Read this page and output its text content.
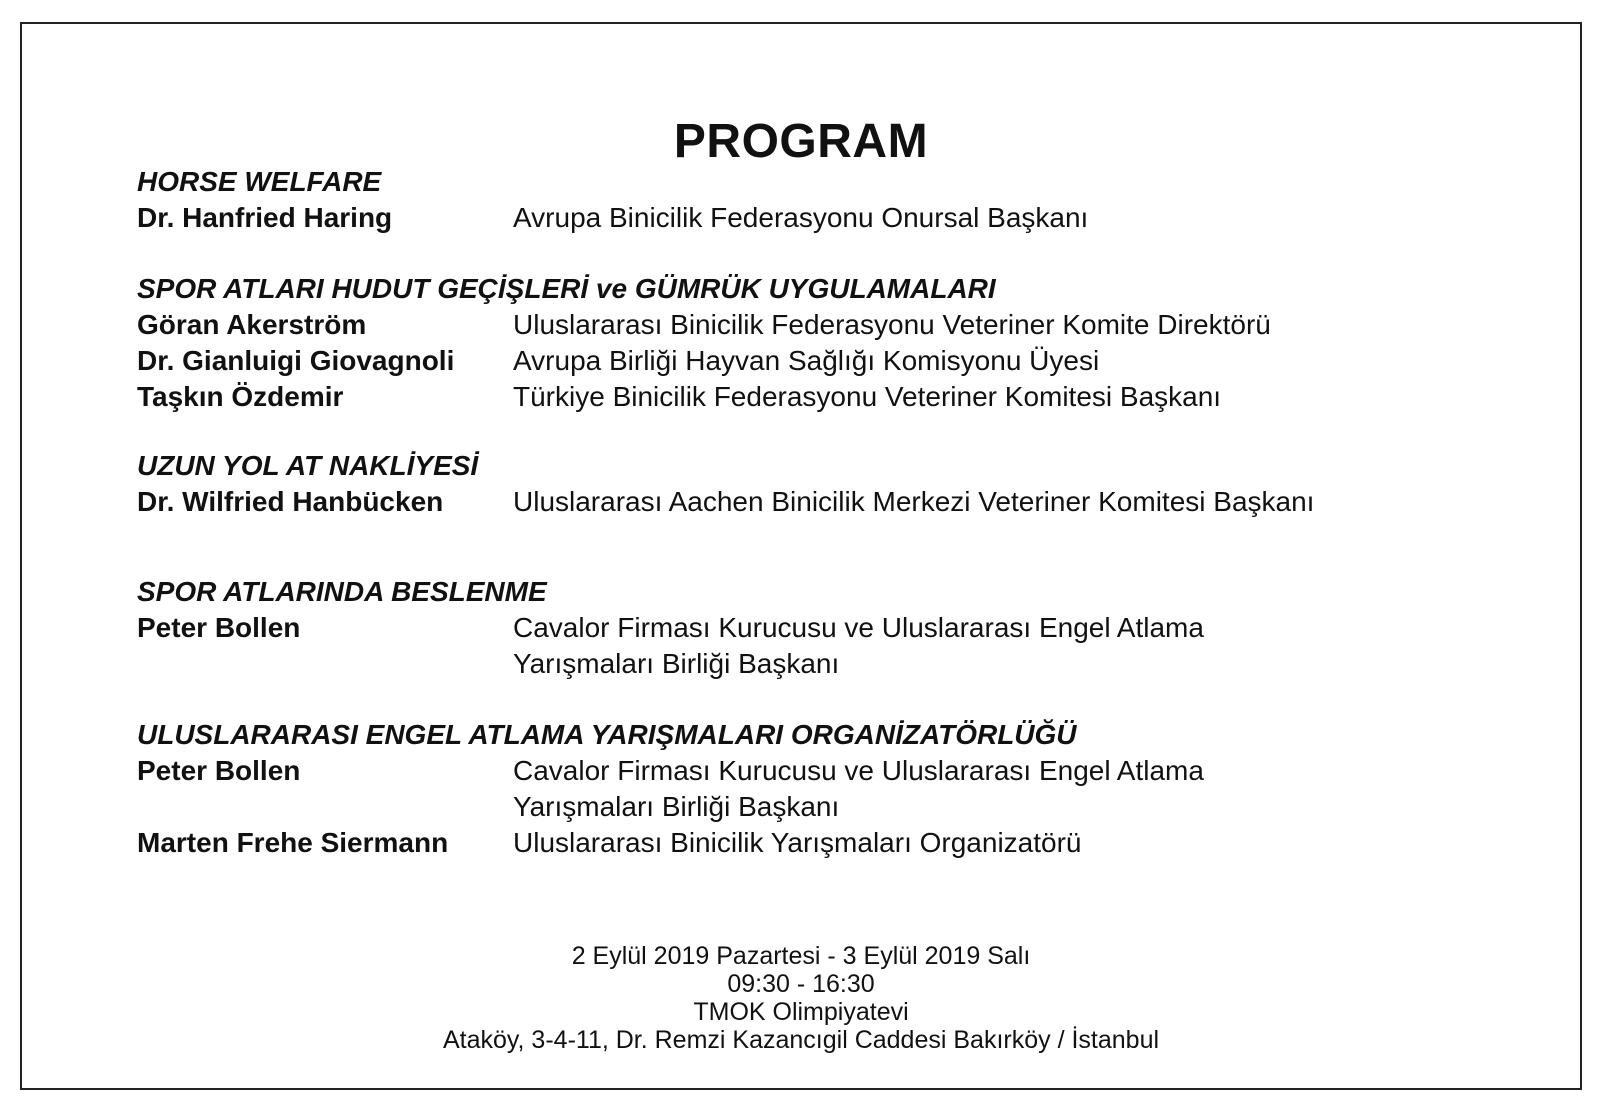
PROGRAM
HORSE WELFARE
Dr. Hanfried Haring	Avrupa Binicilik Federasyonu Onursal Başkanı
SPOR ATLARI HUDUT GEÇİŞLERİ ve GÜMRÜK UYGULAMALARI
Göran Akerström	Uluslararası Binicilik Federasyonu Veteriner Komite Direktörü
Dr. Gianluigi Giovagnoli	Avrupa Birliği Hayvan Sağlığı Komisyonu Üyesi
Taşkın Özdemir	Türkiye Binicilik Federasyonu Veteriner Komitesi Başkanı
UZUN YOL AT NAKLİYESİ
Dr. Wilfried Hanbücken	Uluslararası Aachen Binicilik Merkezi Veteriner Komitesi Başkanı
SPOR ATLARINDA BESLENME
Peter Bollen	Cavalor Firması Kurucusu ve Uluslararası Engel Atlama
Yarışmaları Birliği Başkanı
ULUSLARARASI ENGEL ATLAMA YARIŞMALARI ORGANİZATÖRLÜĞÜ
Peter Bollen	Cavalor Firması Kurucusu ve Uluslararası Engel Atlama
Yarışmaları Birliği Başkanı
Marten Frehe Siermann	Uluslararası Binicilik Yarışmaları Organizatörü
2 Eylül 2019 Pazartesi - 3 Eylül 2019 Salı
09:30 - 16:30
TMOK Olimpiyatevi
Ataköy, 3-4-11, Dr. Remzi Kazancıgil Caddesi Bakırköy / İstanbul
